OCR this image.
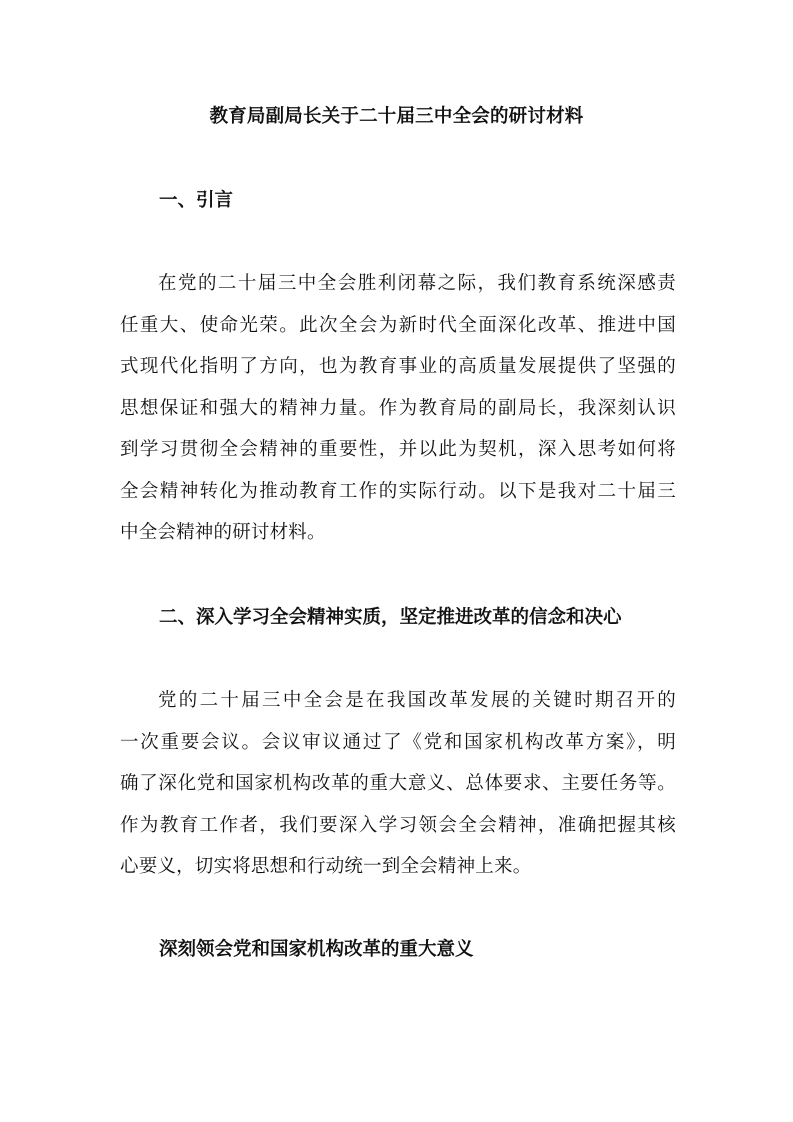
教育局副局长关于二十届三中全会的研讨材料
一、引言
在党的二十届三中全会胜利闭幕之际，我们教育系统深感责
任重大、使命光荣。此次全会为新时代全面深化改革、推进中国
式现代化指明了方向，也为教育事业的高质量发展提供了坚强的
思想保证和强大的精神力量。作为教育局的副局长，我深刻认识
到学习贯彻全会精神的重要性，并以此为契机，深入思考如何将
全会精神转化为推动教育工作的实际行动。以下是我对二十届三
中全会精神的研讨材料。
二、深入学习全会精神实质，坚定推进改革的信念和决心
党的二十届三中全会是在我国改革发展的关键时期召开的
一次重要会议。会议审议通过了《党和国家机构改革方案》，明
确了深化党和国家机构改革的重大意义、总体要求、主要任务等。
作为教育工作者，我们要深入学习领会全会精神，准确把握其核
心要义，切实将思想和行动统一到全会精神上来。
深刻领会党和国家机构改革的重大意义
